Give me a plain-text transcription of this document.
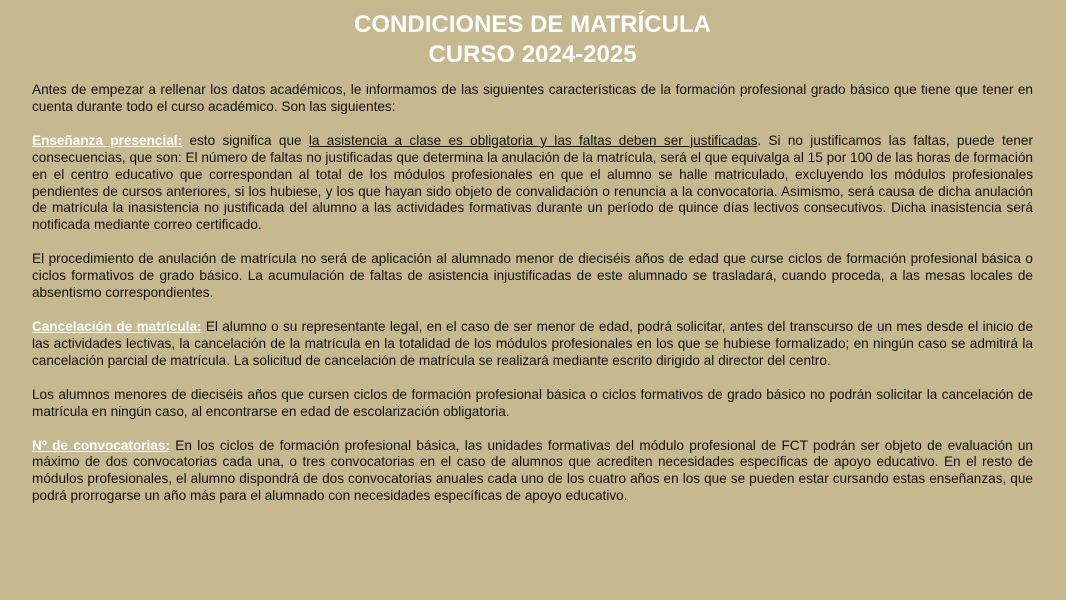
CONDICIONES DE MATRÍCULA
CURSO 2024-2025

Antes de empezar a rellenar los datos académicos, le informamos de las siguientes características de la formación profesional grado básico que tiene que tener en cuenta durante todo el curso académico. Son las siguientes:

Enseñanza presencial: esto significa que la asistencia a clase es obligatoria y las faltas deben ser justificadas. Si no justificamos las faltas, puede tener consecuencias, que son: El número de faltas no justificadas que determina la anulación de la matrícula, será el que equivalga al 15 por 100 de las horas de formación en el centro educativo que correspondan al total de los módulos profesionales en que el alumno se halle matriculado, excluyendo los módulos profesionales pendientes de cursos anteriores, si los hubiese, y los que hayan sido objeto de convalidación o renuncia a la convocatoria. Asimismo, será causa de dicha anulación de matrícula la inasistencia no justificada del alumno a las actividades formativas durante un período de quince días lectivos consecutivos. Dicha inasistencia será notificada mediante correo certificado.

El procedimiento de anulación de matrícula no será de aplicación al alumnado menor de dieciséis años de edad que curse ciclos de formación profesional básica o ciclos formativos de grado básico. La acumulación de faltas de asistencia injustificadas de este alumnado se trasladará, cuando proceda, a las mesas locales de absentismo correspondientes.

Cancelación de matrícula: El alumno o su representante legal, en el caso de ser menor de edad, podrá solicitar, antes del transcurso de un mes desde el inicio de las actividades lectivas, la cancelación de la matrícula en la totalidad de los módulos profesionales en los que se hubiese formalizado; en ningún caso se admitirá la cancelación parcial de matrícula. La solicitud de cancelación de matrícula se realizará mediante escrito dirigido al director del centro.

Los alumnos menores de dieciséis años que cursen ciclos de formación profesional básica o ciclos formativos de grado básico no podrán solicitar la cancelación de matrícula en ningún caso, al encontrarse en edad de escolarización obligatoria.

Nº de convocatorias: En los ciclos de formación profesional básica, las unidades formativas del módulo profesional de FCT podrán ser objeto de evaluación un máximo de dos convocatorias cada una, o tres convocatorias en el caso de alumnos que acrediten necesidades específicas de apoyo educativo. En el resto de módulos profesionales, el alumno dispondrá de dos convocatorias anuales cada uno de los cuatro años en los que se pueden estar cursando estas enseñanzas, que podrá prorrogarse un año más para el alumnado con necesidades específicas de apoyo educativo.
